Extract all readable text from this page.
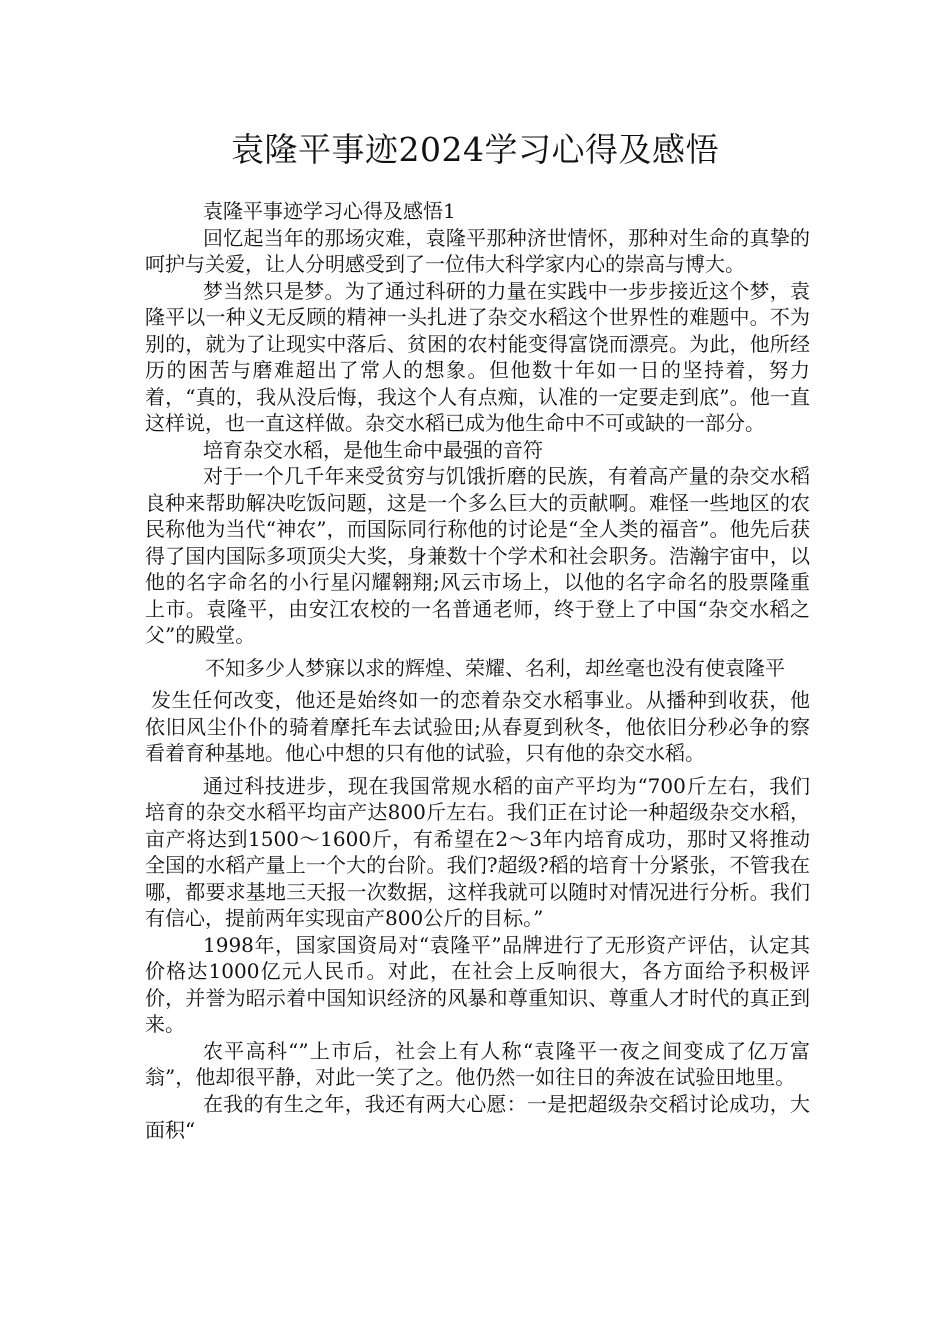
袁隆平事迹2024学习心得及感悟

袁隆平事迹学习心得及感悟1

回忆起当年的那场灾难，袁隆平那种济世情怀，那种对生命的真挚的呵护与关爱，让人分明感受到了一位伟大科学家内心的崇高与博大。

梦当然只是梦。为了通过科研的力量在实践中一步步接近这个梦，袁隆平以一种义无反顾的精神一头扎进了杂交水稻这个世界性的难题中。不为别的，就为了让现实中落后、贫困的农村能变得富饶而漂亮。为此，他所经历的困苦与磨难超出了常人的想象。但他数十年如一日的坚持着，努力着，“真的，我从没后悔，我这个人有点痴，认准的一定要走到底”。他一直这样说，也一直这样做。杂交水稻已成为他生命中不可或缺的一部分。

培育杂交水稻，是他生命中最强的音符

对于一个几千年来受贫穷与饥饿折磨的民族，有着高产量的杂交水稻良种来帮助解决吃饭问题，这是一个多么巨大的贡献啊。难怪一些地区的农民称他为当代“神农”，而国际同行称他的讨论是“全人类的福音”。他先后获得了国内国际多项顶尖大奖，身兼数十个学术和社会职务。浩瀚宇宙中，以他的名字命名的小行星闪耀翱翔;风云市场上，以他的名字命名的股票隆重上市。袁隆平，由安江农校的一名普通老师，终于登上了中国“杂交水稻之父”的殿堂。

不知多少人梦寐以求的辉煌、荣耀、名利，却丝毫也没有使袁隆平

发生任何改变，他还是始终如一的恋着杂交水稻事业。从播种到收获，他依旧风尘仆仆的骑着摩托车去试验田;从春夏到秋冬，他依旧分秒必争的察看着育种基地。他心中想的只有他的试验，只有他的杂交水稻。

通过科技进步，现在我国常规水稻的亩产平均为“700斤左右，我们培育的杂交水稻平均亩产达800斤左右。我们正在讨论一种超级杂交水稻，亩产将达到1500～1600斤，有希望在2～3年内培育成功，那时又将推动全国的水稻产量上一个大的台阶。我们?超级?稻的培育十分紧张，不管我在哪，都要求基地三天报一次数据，这样我就可以随时对情况进行分析。我们有信心，提前两年实现亩产800公斤的目标。”

1998年，国家国资局对“袁隆平”品牌进行了无形资产评估，认定其价格达1000亿元人民币。对此，在社会上反响很大，各方面给予积极评价，并誉为昭示着中国知识经济的风暴和尊重知识、尊重人才时代的真正到来。

农平高科“”上市后，社会上有人称“袁隆平一夜之间变成了亿万富翁”，他却很平静，对此一笑了之。他仍然一如往日的奔波在试验田地里。

在我的有生之年，我还有两大心愿：一是把超级杂交稻讨论成功，大面积“
